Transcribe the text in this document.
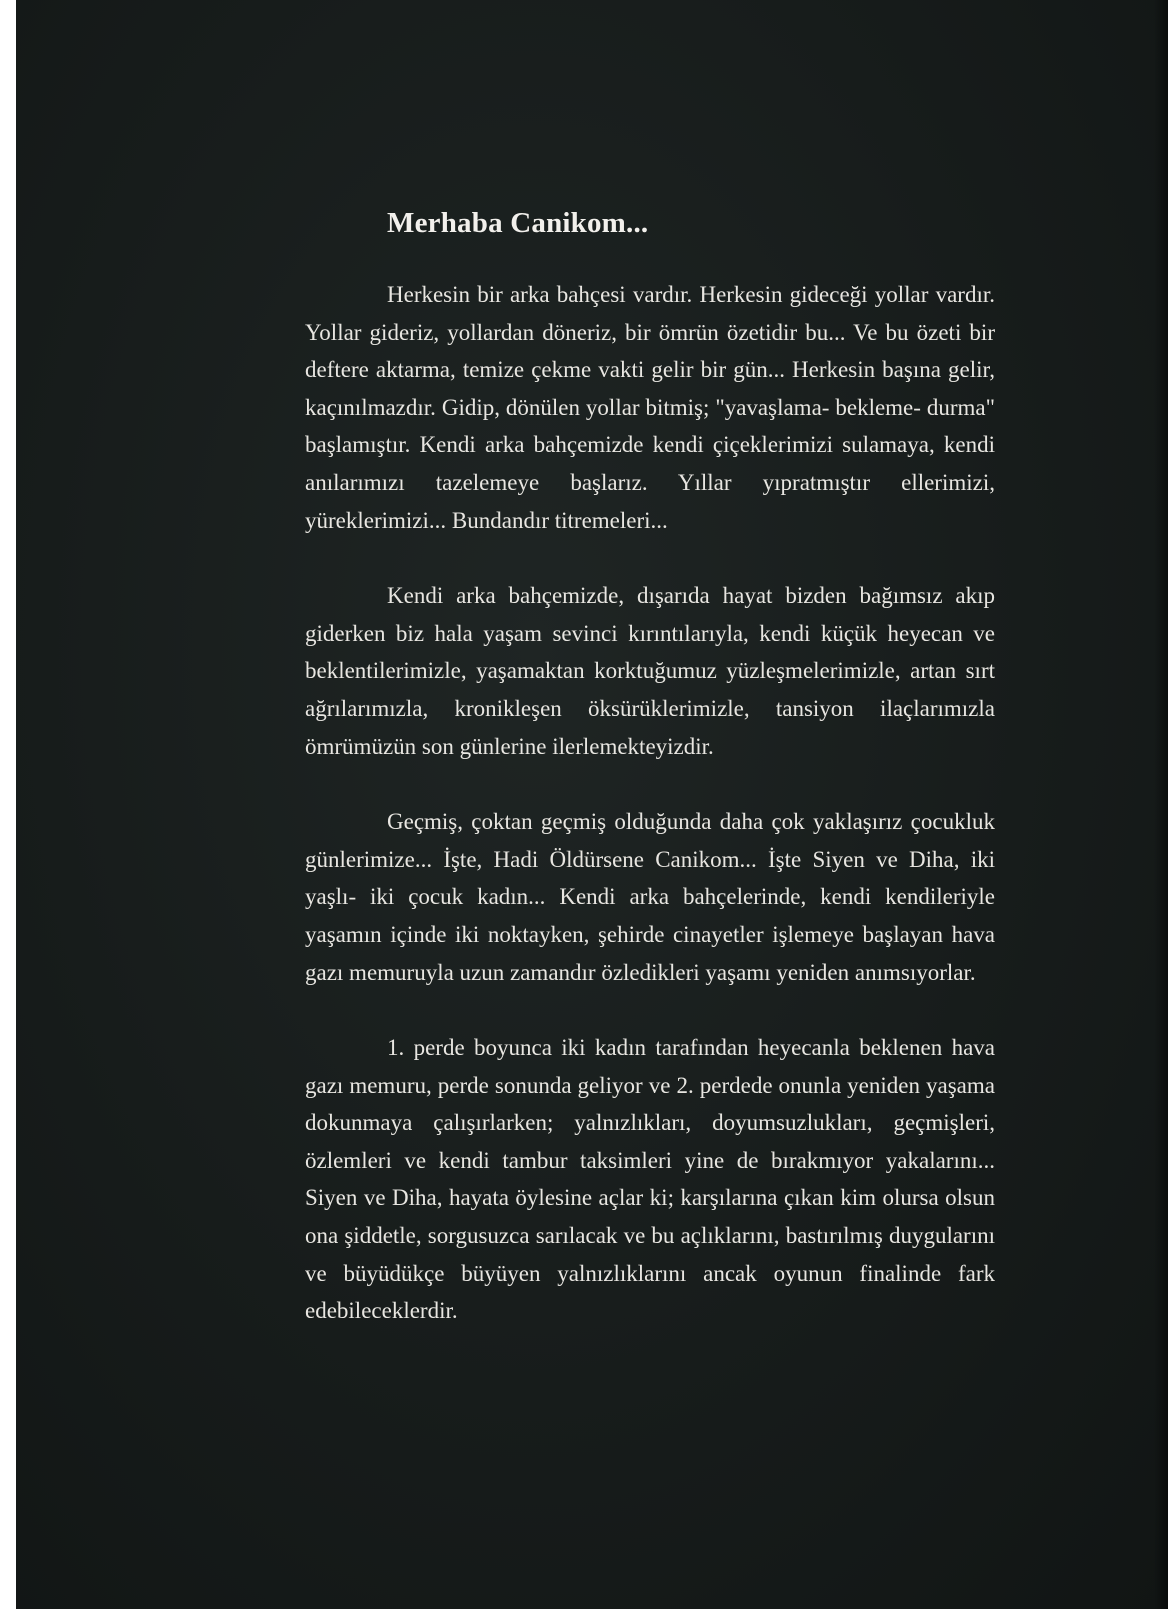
Merhaba Canikom...

Herkesin bir arka bahçesi vardır. Herkesin gideceği yollar vardır. Yollar gideriz, yollardan döneriz, bir ömrün özetidir bu... Ve bu özeti bir deftere aktarma, temize çekme vakti gelir bir gün... Herkesin başına gelir, kaçınılmazdır. Gidip, dönülen yollar bitmiş; "yavaşlama- bekleme- durma" başlamıştır. Kendi arka bahçemizde kendi çiçeklerimizi sulamaya, kendi anılarımızı tazelemeye başlarız. Yıllar yıpratmıştır ellerimizi, yüreklerimizi... Bundandır titremeleri...

Kendi arka bahçemizde, dışarıda hayat bizden bağımsız akıp giderken biz hala yaşam sevinci kırıntılarıyla, kendi küçük heyecan ve beklentilerimizle, yaşamaktan korktuğumuz yüzleşmelerimizle, artan sırt ağrılarımızla, kronikleşen öksürüklerimizle, tansiyon ilaçlarımızla ömrümüzün son günlerine ilerlemekteyizdir.

Geçmiş, çoktan geçmiş olduğunda daha çok yaklaşırız çocukluk günlerimize... İşte, Hadi Öldürsene Canikom... İşte Siyen ve Diha, iki yaşlı- iki çocuk kadın... Kendi arka bahçelerinde, kendi kendileriyle yaşamın içinde iki noktayken, şehirde cinayetler işlemeye başlayan hava gazı memuruyla uzun zamandır özledikleri yaşamı yeniden anımsıyorlar.

1. perde boyunca iki kadın tarafından heyecanla beklenen hava gazı memuru, perde sonunda geliyor ve 2. perdede onunla yeniden yaşama dokunmaya çalışırlarken; yalnızlıkları, doyumsuzlukları, geçmişleri, özlemleri ve kendi tambur taksimleri yine de bırakmıyor yakalarını... Siyen ve Diha, hayata öylesine açlar ki; karşılarına çıkan kim olursa olsun ona şiddetle, sorgusuzca sarılacak ve bu açlıklarını, bastırılmış duygularını ve büyüdükçe büyüyen yalnızlıklarını ancak oyunun finalinde fark edebileceklerdir.
